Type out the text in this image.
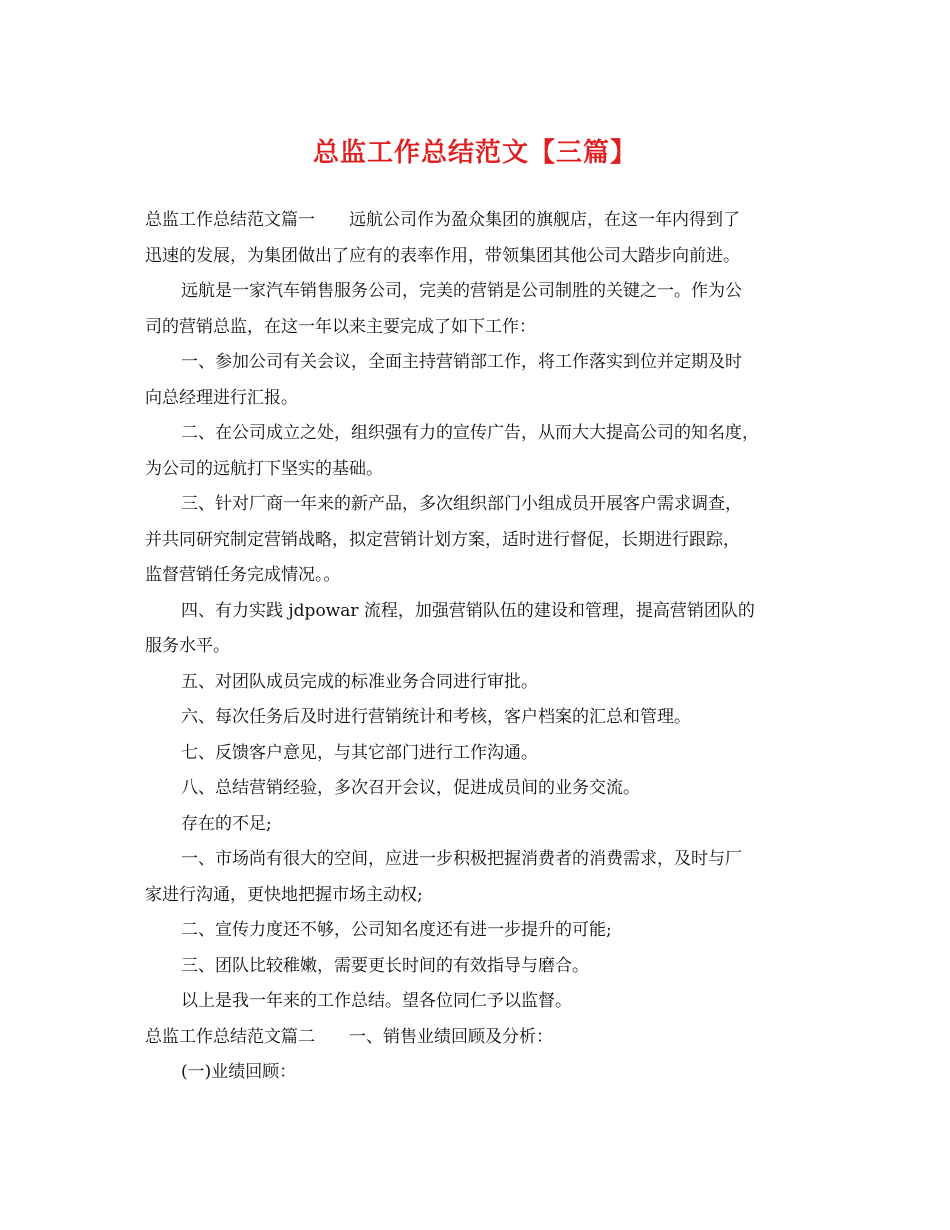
总监工作总结范文【三篇】
总监工作总结范文篇一　　远航公司作为盈众集团的旗舰店，在这一年内得到了
迅速的发展，为集团做出了应有的表率作用，带领集团其他公司大踏步向前进。
远航是一家汽车销售服务公司，完美的营销是公司制胜的关键之一。作为公
司的营销总监，在这一年以来主要完成了如下工作：
一、参加公司有关会议，全面主持营销部工作，将工作落实到位并定期及时
向总经理进行汇报。
二、在公司成立之处，组织强有力的宣传广告，从而大大提高公司的知名度，
为公司的远航打下坚实的基础。
三、针对厂商一年来的新产品，多次组织部门小组成员开展客户需求调查，
并共同研究制定营销战略，拟定营销计划方案，适时进行督促，长期进行跟踪，
监督营销任务完成情况。。
四、有力实践 jdpowar 流程，加强营销队伍的建设和管理，提高营销团队的
服务水平。
五、对团队成员完成的标准业务合同进行审批。
六、每次任务后及时进行营销统计和考核，客户档案的汇总和管理。
七、反馈客户意见，与其它部门进行工作沟通。
八、总结营销经验，多次召开会议，促进成员间的业务交流。
存在的不足;
一、市场尚有很大的空间，应进一步积极把握消费者的消费需求，及时与厂
家进行沟通，更快地把握市场主动权;
二、宣传力度还不够，公司知名度还有进一步提升的可能;
三、团队比较稚嫩，需要更长时间的有效指导与磨合。
以上是我一年来的工作总结。望各位同仁予以监督。
总监工作总结范文篇二　　一、销售业绩回顾及分析：
(一)业绩回顾：
